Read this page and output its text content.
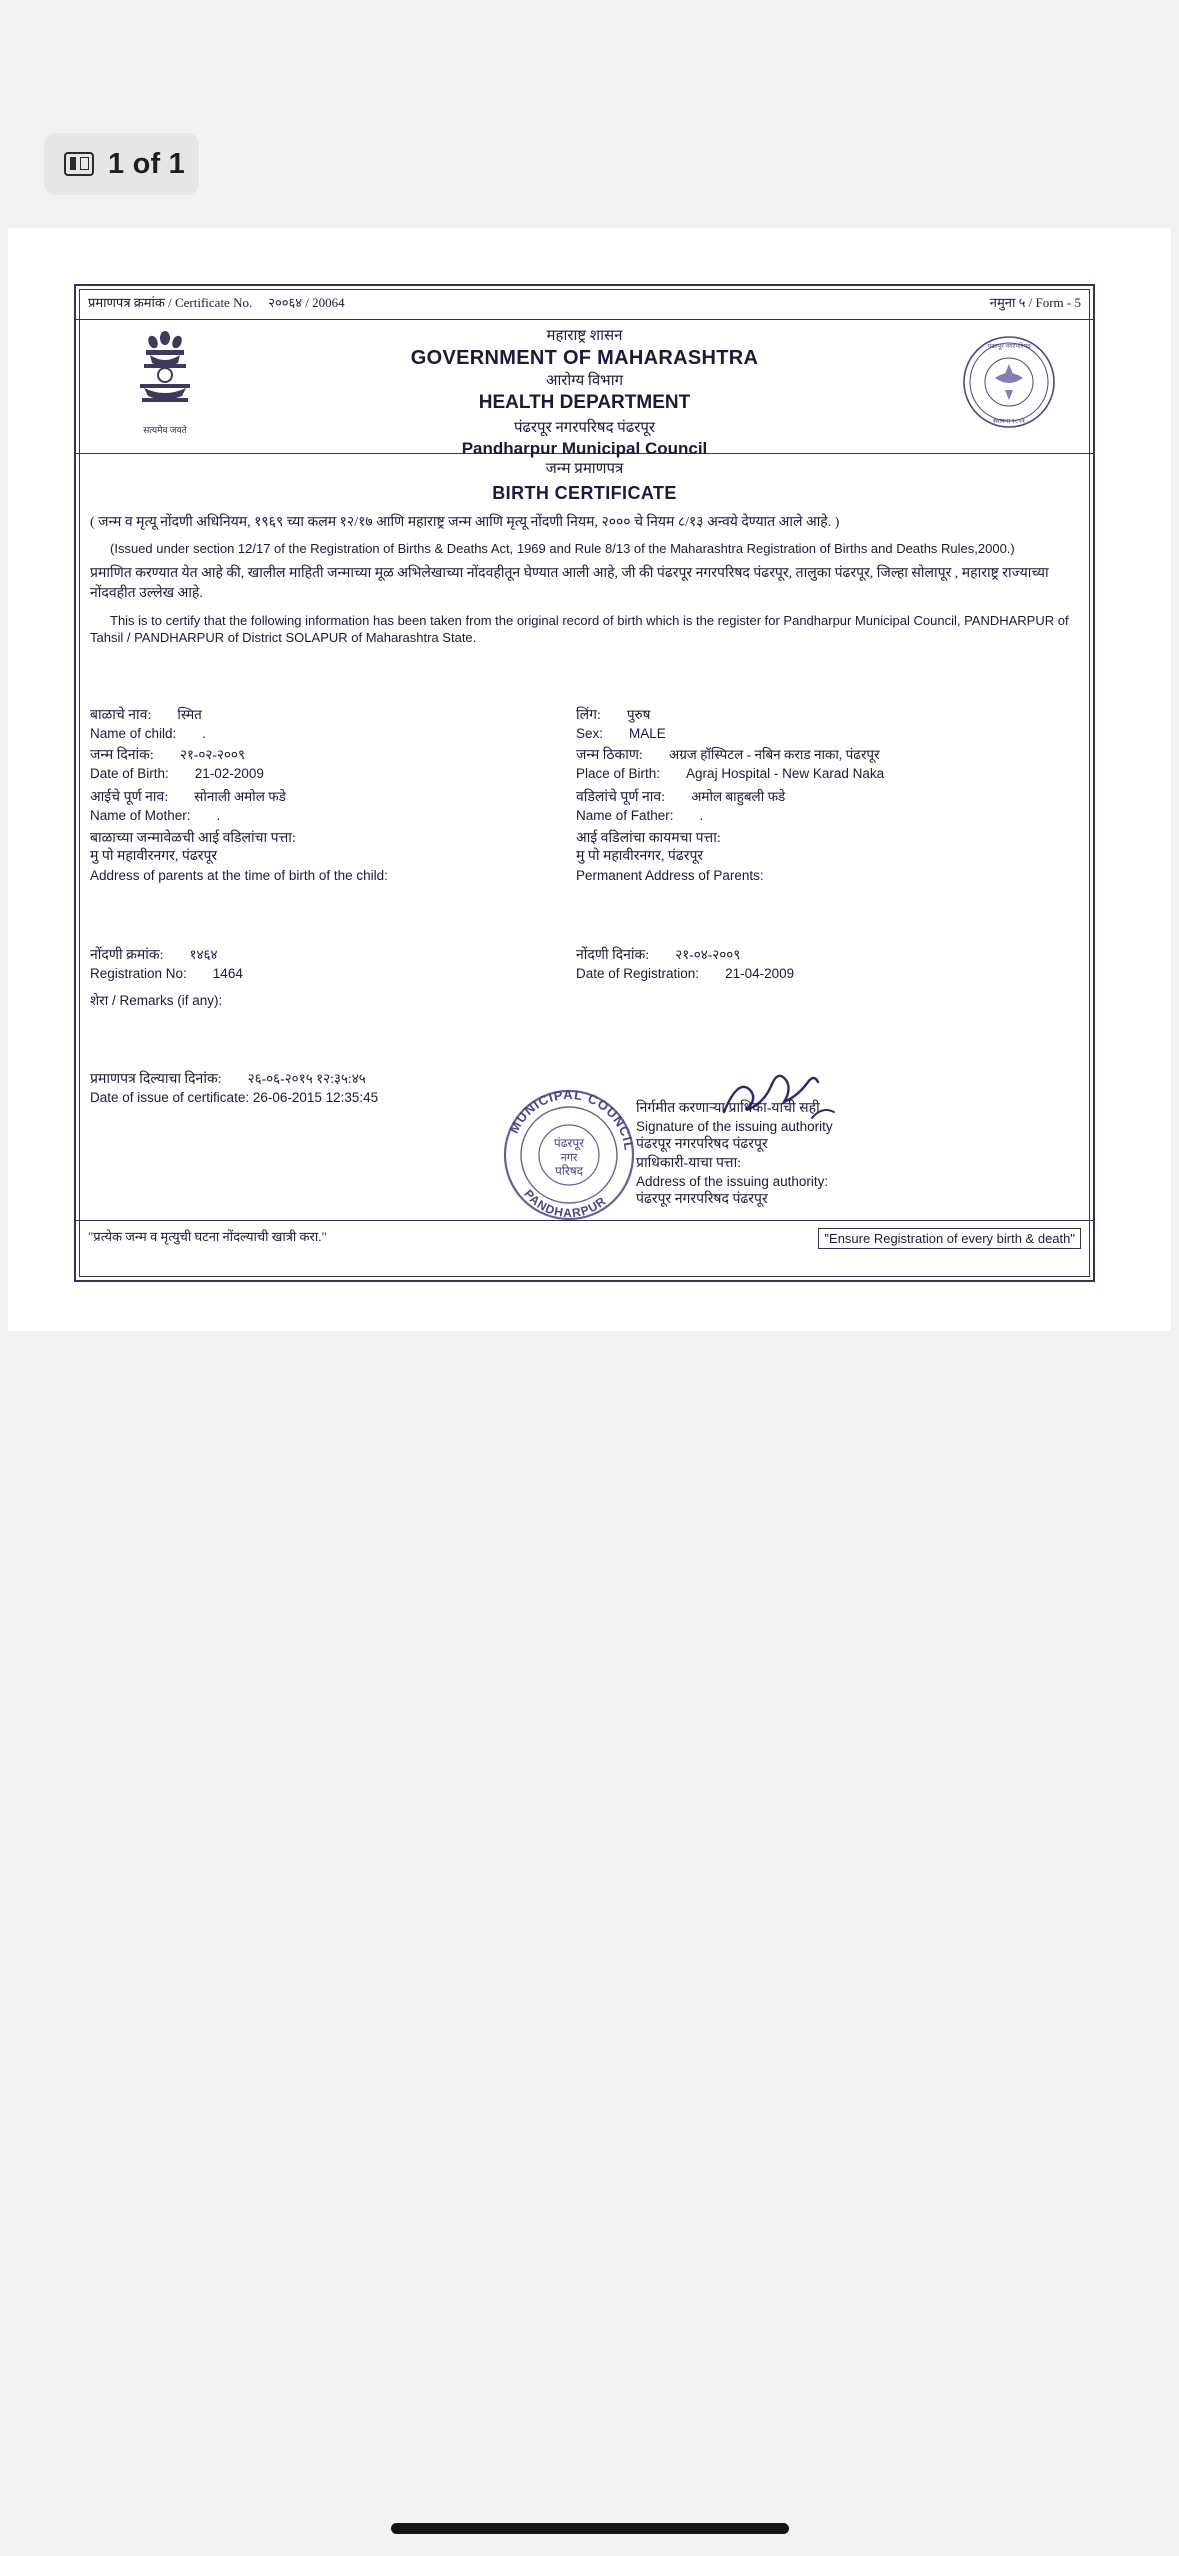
1 of 1
प्रमाणपत्र क्रमांक / Certificate No. २००६४ / 20064	नमुना ५ / Form - 5
सत्यमेव जयते
पंढरपूर नगरपरिषद
स्थापना १८५१
महाराष्ट्र शासन
GOVERNMENT OF MAHARASHTRA
आरोग्य विभाग
HEALTH DEPARTMENT
पंढरपूर नगरपरिषद पंढरपूर
Pandharpur Municipal Council
जन्म प्रमाणपत्र
BIRTH CERTIFICATE
( जन्म व मृत्यू नोंदणी अधिनियम, १९६९ च्या कलम १२/१७ आणि महाराष्ट्र जन्म आणि मृत्यू नोंदणी नियम, २००० चे नियम ८/१३ अन्वये देण्यात आले आहे. )
(Issued under section 12/17 of the Registration of Births & Deaths Act, 1969 and Rule 8/13 of the Maharashtra Registration of Births and Deaths Rules,2000.)
प्रमाणित करण्यात येत आहे की, खालील माहिती जन्माच्या मूळ अभिलेखाच्या नोंदवहीतून घेण्यात आली आहे, जी की पंढरपूर नगरपरिषद पंढरपूर, तालुका पंढरपूर, जिल्हा सोलापूर , महाराष्ट्र राज्याच्या नोंदवहीत उल्लेख आहे.
This is to certify that the following information has been taken from the original record of birth which is the register for Pandharpur Municipal Council, PANDHARPUR of Tahsil / PANDHARPUR of District SOLAPUR of Maharashtra State.
बाळाचे नाव: स्मित
Name of child: .
लिंग: पुरुष
Sex: MALE
जन्म दिनांक: २१-०२-२००९
Date of Birth: 21-02-2009
जन्म ठिकाण: अग्रज हॉस्पिटल - नबिन कराड नाका, पंढरपूर
Place of Birth: Agraj Hospital - New Karad Naka
आईचे पूर्ण नाव: सोनाली अमोल फडे
Name of Mother: .
वडिलांचे पूर्ण नाव: अमोल बाहुबली फडे
Name of Father: .
बाळाच्या जन्मावेळची आई वडिलांचा पत्ता:
मु पो महावीरनगर, पंढरपूर
Address of parents at the time of birth of the child:
आई वडिलांचा कायमचा पत्ता:
मु पो महावीरनगर, पंढरपूर
Permanent Address of Parents:
नोंदणी क्रमांक: १४६४
Registration No: 1464
नोंदणी दिनांक: २१-०४-२००९
Date of Registration: 21-04-2009
शेरा / Remarks (if any):
प्रमाणपत्र दिल्याचा दिनांक: २६-०६-२०१५ १२:३५:४५
Date of issue of certificate: 26-06-2015 12:35:45
MUNICIPAL COUNCIL
PANDHARPUR
पंढरपूर
नगर
परिषद
निर्गमीत करणाऱ्या प्राधिका-याची सही
Signature of the issuing authority
पंढरपूर नगरपरिषद पंढरपूर
प्राधिकारी-याचा पत्ता:
Address of the issuing authority:
पंढरपूर नगरपरिषद पंढरपूर
"प्रत्येक जन्म व मृत्युची घटना नोंदल्याची खात्री करा."	"Ensure Registration of every birth & death"
